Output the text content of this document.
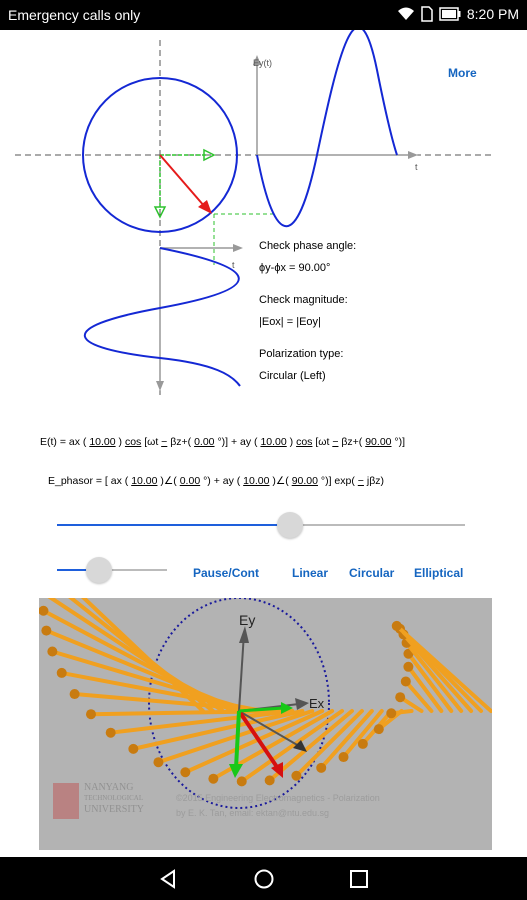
Emergency calls only	8:20 PM
Ey(t)
t
t
More
Check phase angle:
ϕy-ϕx = 90.00°
Check magnitude:
|Eox| = |Eoy|
Polarization type:
Circular (Left)
E(t) = ax ( 10.00 ) cos [ωt − βz+( 0.00 °)] + ay ( 10.00 ) cos [ωt − βz+( 90.00 °)]
E_phasor = [ ax ( 10.00 )∠( 0.00 °) + ay ( 10.00 )∠( 90.00 °)] exp( − jβz)
Pause/Cont	Linear Circular Elliptical
Ey
Ex
NANYANG
TECHNOLOGICAL
UNIVERSITY
©2015 Engineering Electromagnetics - Polarization
by E. K. Tan, email: ektan@ntu.edu.sg
